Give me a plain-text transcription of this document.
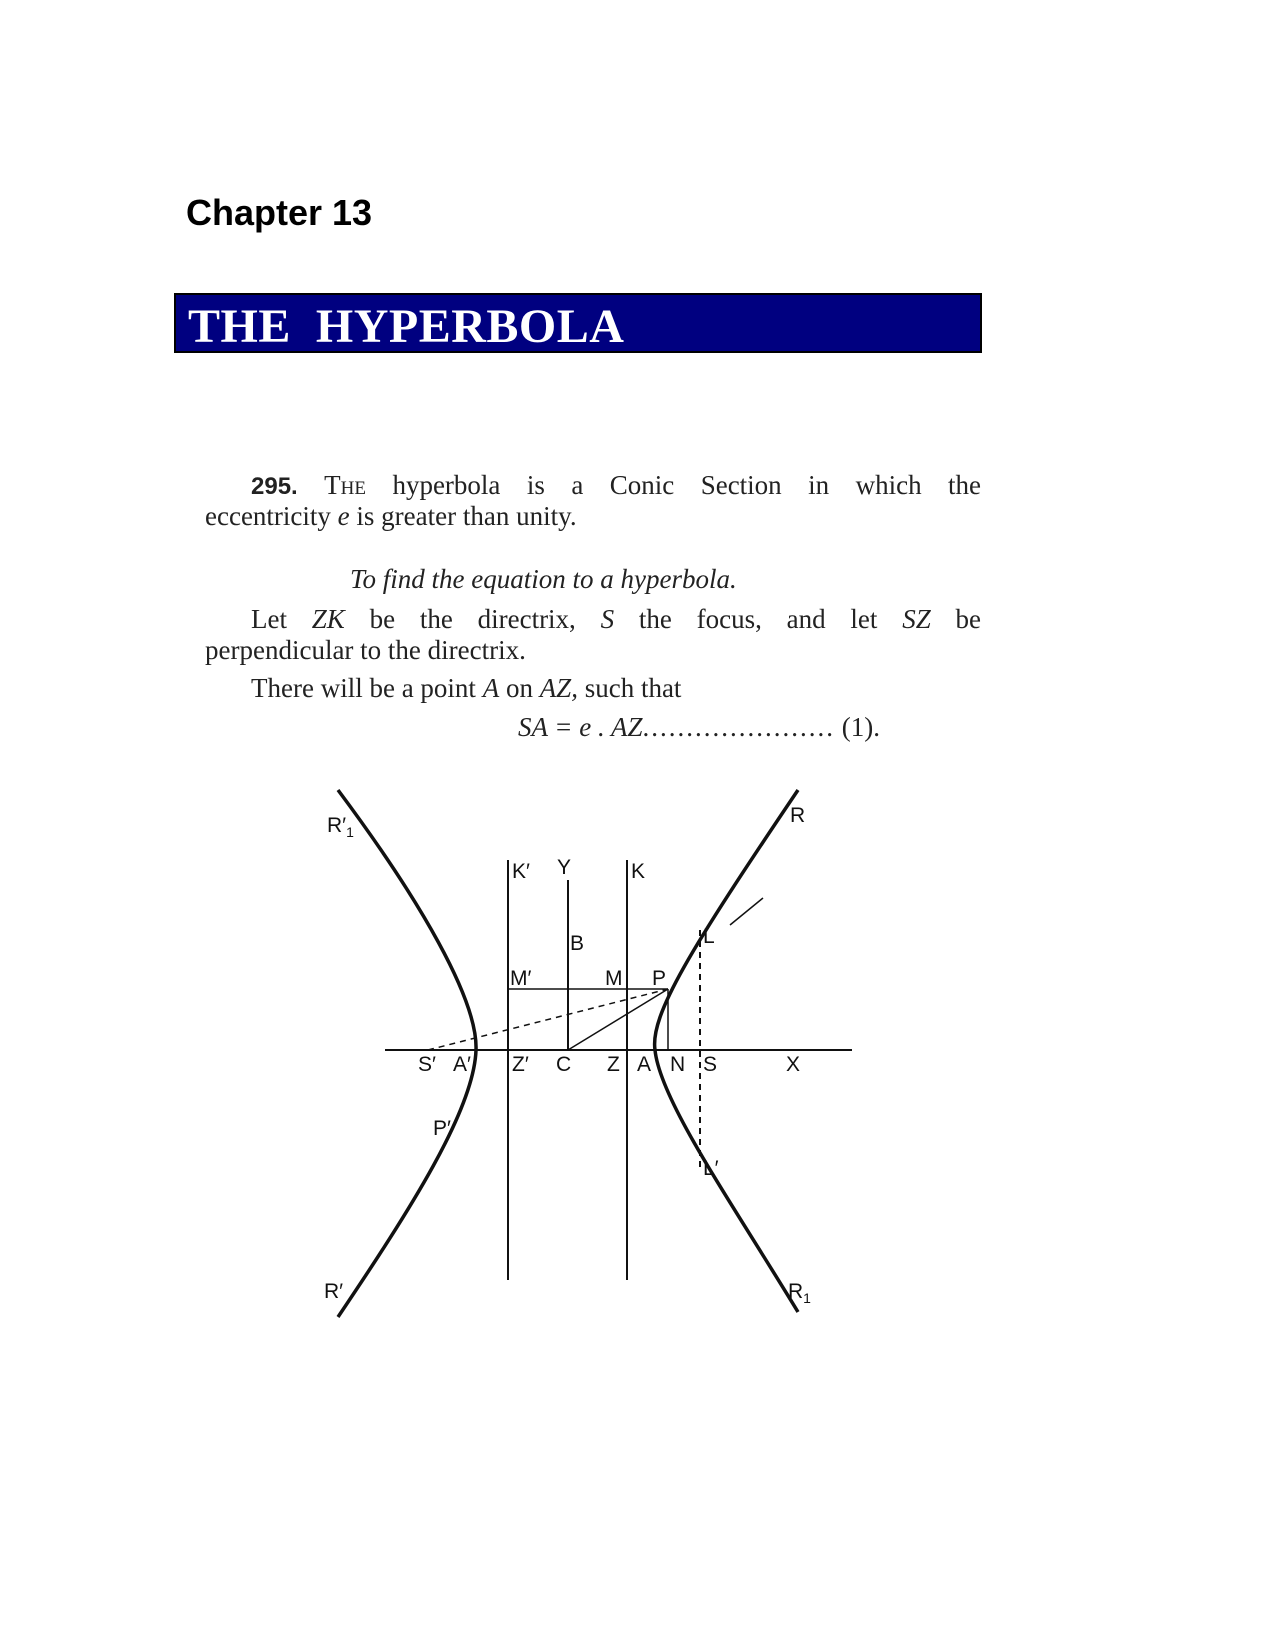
Chapter 13
THE  HYPERBOLA
295. The hyperbola is a Conic Section in which the
eccentricity e is greater than unity.
To find the equation to a hyperbola.
Let ZK be the directrix, S the focus, and let SZ be
perpendicular to the directrix.
There will be a point A on AZ, such that
SA = e . AZ...................... (1).
$R'_1$
R
R′	$R_1$
K′ Y	K
B	L
M′	M P
S′ A′ Z′ C Z A N S	X
P′
L′
